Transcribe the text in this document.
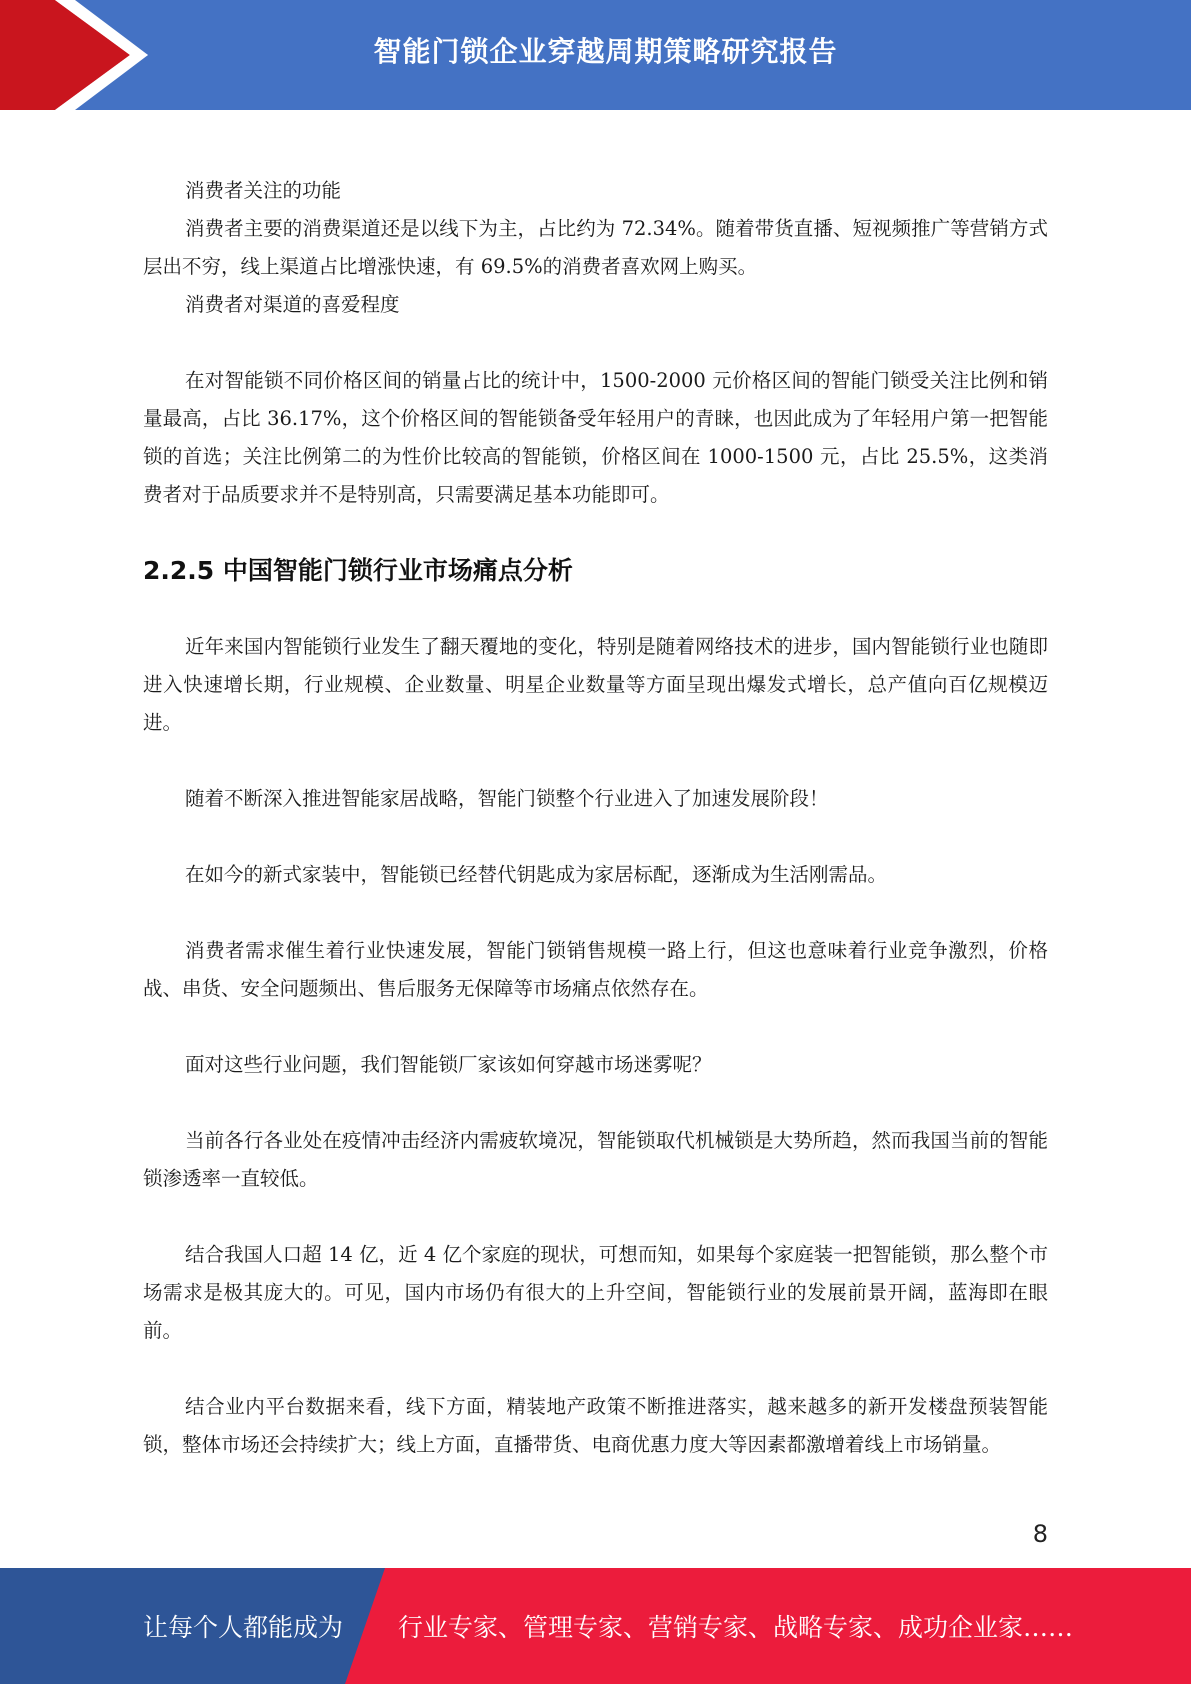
智能门锁企业穿越周期策略研究报告

消费者关注的功能

消费者主要的消费渠道还是以线下为主，占比约为 72.34%。随着带货直播、短视频推广等营销方式层出不穷，线上渠道占比增涨快速，有 69.5%的消费者喜欢网上购买。

消费者对渠道的喜爱程度

在对智能锁不同价格区间的销量占比的统计中，1500-2000 元价格区间的智能门锁受关注比例和销量最高，占比 36.17%，这个价格区间的智能锁备受年轻用户的青睐，也因此成为了年轻用户第一把智能锁的首选；关注比例第二的为性价比较高的智能锁，价格区间在 1000-1500 元，占比 25.5%，这类消费者对于品质要求并不是特别高，只需要满足基本功能即可。

2.2.5 中国智能门锁行业市场痛点分析

近年来国内智能锁行业发生了翻天覆地的变化，特别是随着网络技术的进步，国内智能锁行业也随即进入快速增长期，行业规模、企业数量、明星企业数量等方面呈现出爆发式增长，总产值向百亿规模迈进。

随着不断深入推进智能家居战略，智能门锁整个行业进入了加速发展阶段！

在如今的新式家装中，智能锁已经替代钥匙成为家居标配，逐渐成为生活刚需品。

消费者需求催生着行业快速发展，智能门锁销售规模一路上行，但这也意味着行业竞争激烈，价格战、串货、安全问题频出、售后服务无保障等市场痛点依然存在。

面对这些行业问题，我们智能锁厂家该如何穿越市场迷雾呢？

当前各行各业处在疫情冲击经济内需疲软境况，智能锁取代机械锁是大势所趋，然而我国当前的智能锁渗透率一直较低。

结合我国人口超 14 亿，近 4 亿个家庭的现状，可想而知，如果每个家庭装一把智能锁，那么整个市场需求是极其庞大的。可见，国内市场仍有很大的上升空间，智能锁行业的发展前景开阔，蓝海即在眼前。

结合业内平台数据来看，线下方面，精装地产政策不断推进落实，越来越多的新开发楼盘预装智能锁，整体市场还会持续扩大；线上方面，直播带货、电商优惠力度大等因素都激增着线上市场销量。

8
让每个人都能成为 行业专家、管理专家、营销专家、战略专家、成功企业家……
